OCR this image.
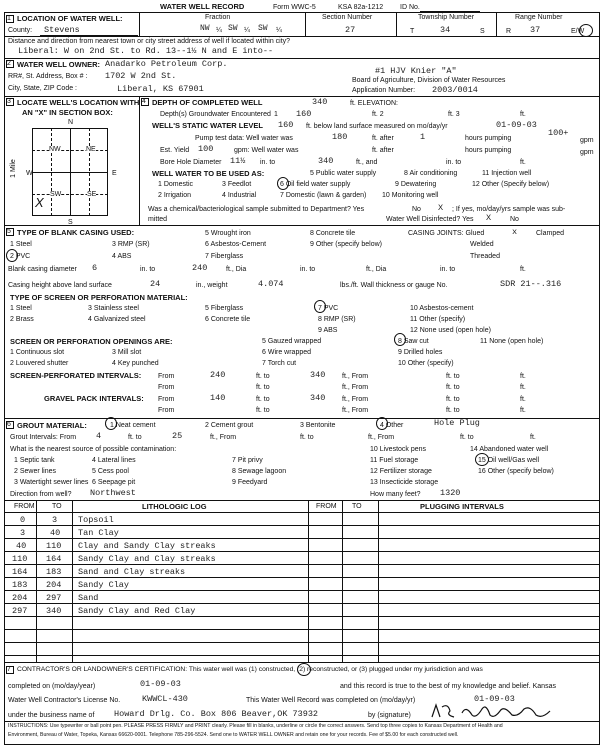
WATER WELL RECORD	Form WWC-5	KSA 82a-1212 ID No.
1 LOCATION OF WATER WELL:	Fraction	Section Number	Township Number	Range Number
County: Stevens	NW ¼ SW ¼ SW ¼	27	T	34	S	R 37	E/W
Distance and direction from nearest town or city street address of well if located within city?
Liberal: W on 2nd St. to Rd. 13--1½ N and E into--
2 WATER WELL OWNER: Anadarko Petroleum Corp.
#1 HJV Knier "A"
RR#, St. Address, Box # : 1702 W 2nd St.	Board of Agriculture, Division of Water Resources
City, State, ZIP Code :	Liberal, KS 67901	Application Number: 2003/0014
3 LOCATE WELL'S LOCATION WITH
AN "X" IN SECTION BOX:
N
S
W	E
1 Mile
NW	NE
SW	SE
X
4 DEPTH OF COMPLETED WELL	340	ft. ELEVATION:
Depth(s) Groundwater Encountered 1 160	ft. 2	ft. 3	ft.
WELL'S STATIC WATER LEVEL 160 ft. below land surface measured on mo/day/yr	01-09-03
Pump test data: Well water was	180	ft. after	1	hours pumping
100+
gpm
Est. Yield 100	gpm: Well water was	ft. after	hours pumping	gpm
Bore Hole Diameter 11½ in. to	340	ft., and	in. to	ft.
WELL WATER TO BE USED AS:	5 Public water supply	8 Air conditioning	11 Injection well
1 Domestic	3 Feedlot	6 Oil field water supply	9 Dewatering	12 Other (Specify below)
2 Irrigation	4 Industrial	7 Domestic (lawn & garden) 10 Monitoring well
Was a chemical/bacteriological sample submitted to Department? Yes	No X ; If yes, mo/day/yrs sample was sub-
mitted	Water Well Disinfected? Yes X	No
5 TYPE OF BLANK CASING USED:	5 Wrought iron	8 Concrete tile	CASING JOINTS: Glued	x	Clamped
1 Steel	3 RMP (SR)	6 Asbestos-Cement	9 Other (specify below)	Welded
2 PVC	4 ABS	7 Fiberglass	Threaded
Blank casing diameter 6	in. to	240	ft., Dia	in. to	ft., Dia	in. to	ft.
Casing height above land surface	24	in., weight	4.074	lbs./ft. Wall thickness or gauge No.	SDR 21--.316
TYPE OF SCREEN OR PERFORATION MATERIAL:
1 Steel	3 Stainless steel	5 Fiberglass	7 PVC	10 Asbestos-cement
2 Brass	4 Galvanized steel	6 Concrete tile	8 RMP (SR)	11 Other (specify)
9 ABS	12 None used (open hole)
SCREEN OR PERFORATION OPENINGS ARE:	5 Gauzed wrapped	8 Saw cut	11 None (open hole)
1 Continuous slot	3 Mill slot	6 Wire wrapped	9 Drilled holes
2 Louvered shutter	4 Key punched	7 Torch cut	10 Other (specify)
SCREEN-PERFORATED INTERVALS: From	240	ft. to	340 ft., From	ft. to	ft.
From	ft. to	ft., From	ft. to	ft.
GRAVEL PACK INTERVALS: From	140	ft. to	340 ft., From	ft. to	ft.
From	ft. to	ft., From	ft. to	ft.
6 GROUT MATERIAL:	1 Neat cement	2 Cement grout	3 Bentonite	4 Other	Hole Plug
Grout Intervals: From 4	ft. to	25	ft., From	ft. to	ft., From	ft. to	ft.
What is the nearest source of possible contamination:	10 Livestock pens	14 Abandoned water well
1 Septic tank	4 Lateral lines	7 Pit privy	11 Fuel storage	15 Oil well/Gas well
2 Sewer lines	5 Cess pool	8 Sewage lagoon	12 Fertilizer storage	16 Other (specify below)
3 Watertight sewer lines 6 Seepage pit	9 Feedyard	13 Insecticide storage
Direction from well? Northwest	How many feet? 1320
FROM TO	LITHOLOGIC LOG	FROM TO	PLUGGING INTERVALS
0	3 Topsoil
3	40 Tan Clay
40 110 Clay and Sandy Clay streaks
110 164 Sandy Clay and Clay streaks
164 183 Sand and Clay streaks
183 204 Sandy Clay
204 297 Sand
297 340 Sandy Clay and Red Clay
7 CONTRACTOR'S OR LANDOWNER'S CERTIFICATION: This water well was (1) constructed, (2) reconstructed, or (3) plugged under my jurisdiction and was
completed on (mo/day/year)	01-09-03	and this record is true to the best of my knowledge and belief. Kansas
Water Well Contractor's License No.	KWWCL-430	This Water Well Record was completed on (mo/day/yr)	01-09-03
under the business name of Howard Drlg. Co. Box 806 Beaver,OK 73932	by (signature)
INSTRUCTIONS: Use typewriter or ball point pen. PLEASE PRESS FIRMLY and PRINT clearly. Please fill in blanks, underline or circle the correct answers. Send top three copies to Kansas Department of Health and
Environment, Bureau of Water, Topeka, Kansas 66620-0001. Telephone 785-296-5524. Send one to WATER WELL OWNER and retain one for your records. Fee of $5.00 for each constructed well.
